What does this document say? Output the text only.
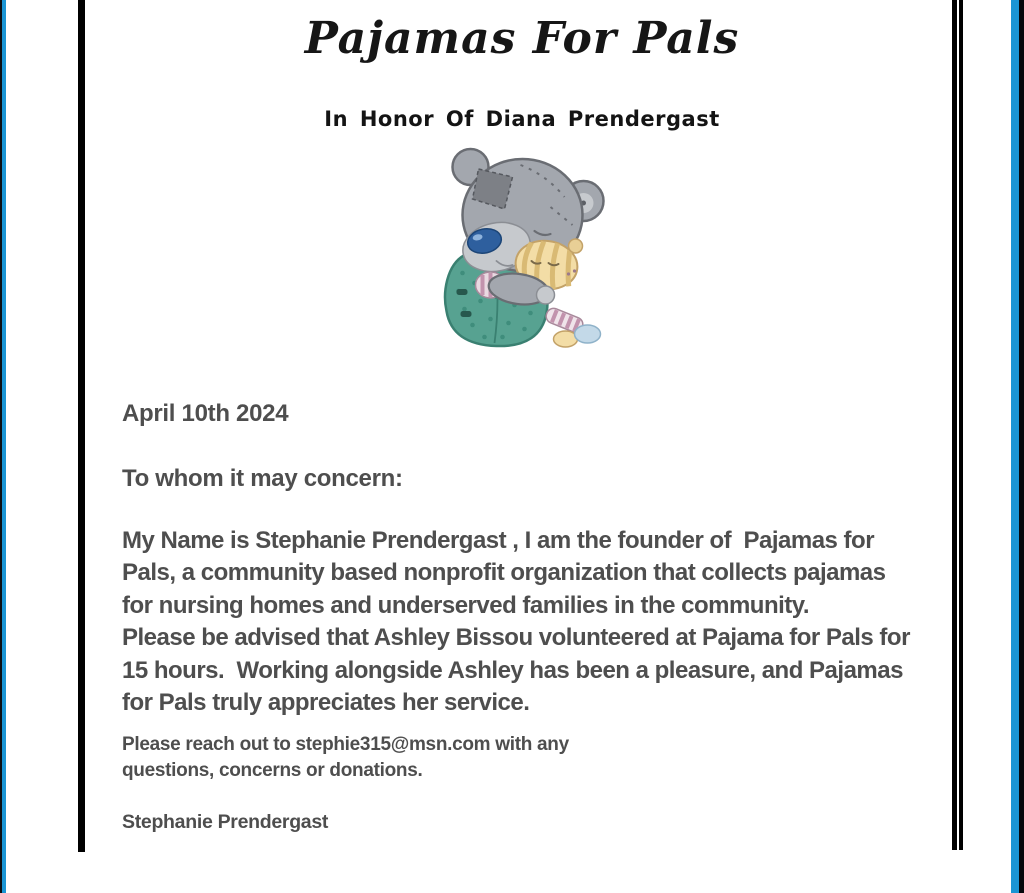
Pajamas For Pals
In Honor Of Diana Prendergast
April 10th 2024
To whom it may concern:

My Name is Stephanie Prendergast , I am the founder of  Pajamas for Pals, a community based nonprofit organization that collects pajamas for nursing homes and underserved families in the community.

Please be advised that Ashley Bissou volunteered at Pajama for Pals for 15 hours.  Working alongside Ashley has been a pleasure, and Pajamas for Pals truly appreciates her service.

Please reach out to stephie315@msn.com with any questions, concerns or donations.
Stephanie Prendergast
